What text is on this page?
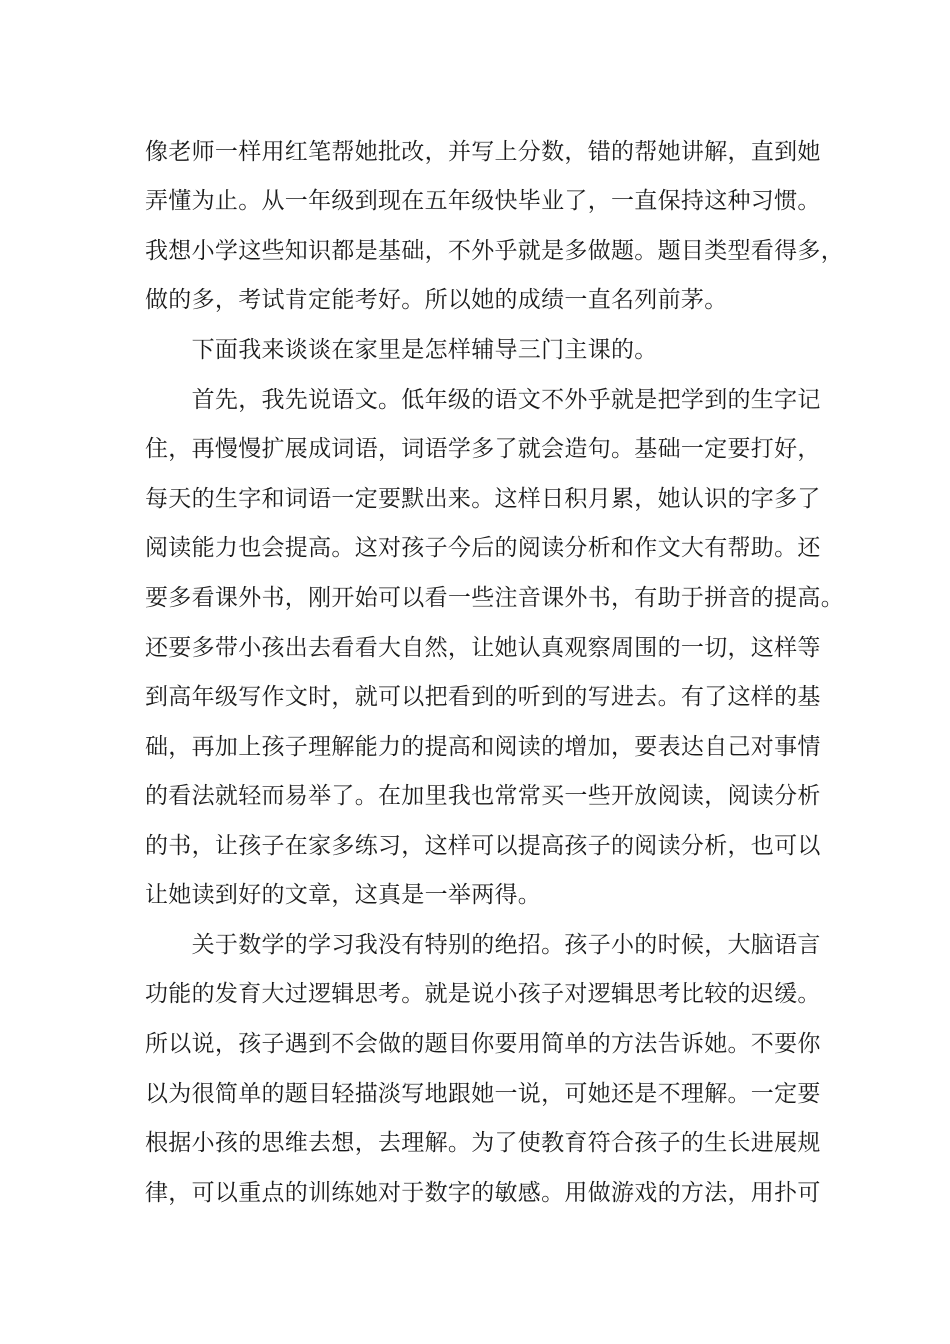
像老师一样用红笔帮她批改，并写上分数，错的帮她讲解，直到她
弄懂为止。从一年级到现在五年级快毕业了，一直保持这种习惯。
我想小学这些知识都是基础，不外乎就是多做题。题目类型看得多，
做的多，考试肯定能考好。所以她的成绩一直名列前茅。
　　下面我来谈谈在家里是怎样辅导三门主课的。
　　首先，我先说语文。低年级的语文不外乎就是把学到的生字记
住，再慢慢扩展成词语，词语学多了就会造句。基础一定要打好，
每天的生字和词语一定要默出来。这样日积月累，她认识的字多了
阅读能力也会提高。这对孩子今后的阅读分析和作文大有帮助。还
要多看课外书，刚开始可以看一些注音课外书，有助于拼音的提高。
还要多带小孩出去看看大自然，让她认真观察周围的一切，这样等
到高年级写作文时，就可以把看到的听到的写进去。有了这样的基
础，再加上孩子理解能力的提高和阅读的增加，要表达自己对事情
的看法就轻而易举了。在加里我也常常买一些开放阅读，阅读分析
的书，让孩子在家多练习，这样可以提高孩子的阅读分析，也可以
让她读到好的文章，这真是一举两得。
　　关于数学的学习我没有特别的绝招。孩子小的时候，大脑语言
功能的发育大过逻辑思考。就是说小孩子对逻辑思考比较的迟缓。
所以说，孩子遇到不会做的题目你要用简单的方法告诉她。不要你
以为很简单的题目轻描淡写地跟她一说，可她还是不理解。一定要
根据小孩的思维去想，去理解。为了使教育符合孩子的生长进展规
律，可以重点的训练她对于数字的敏感。用做游戏的方法，用扑可
